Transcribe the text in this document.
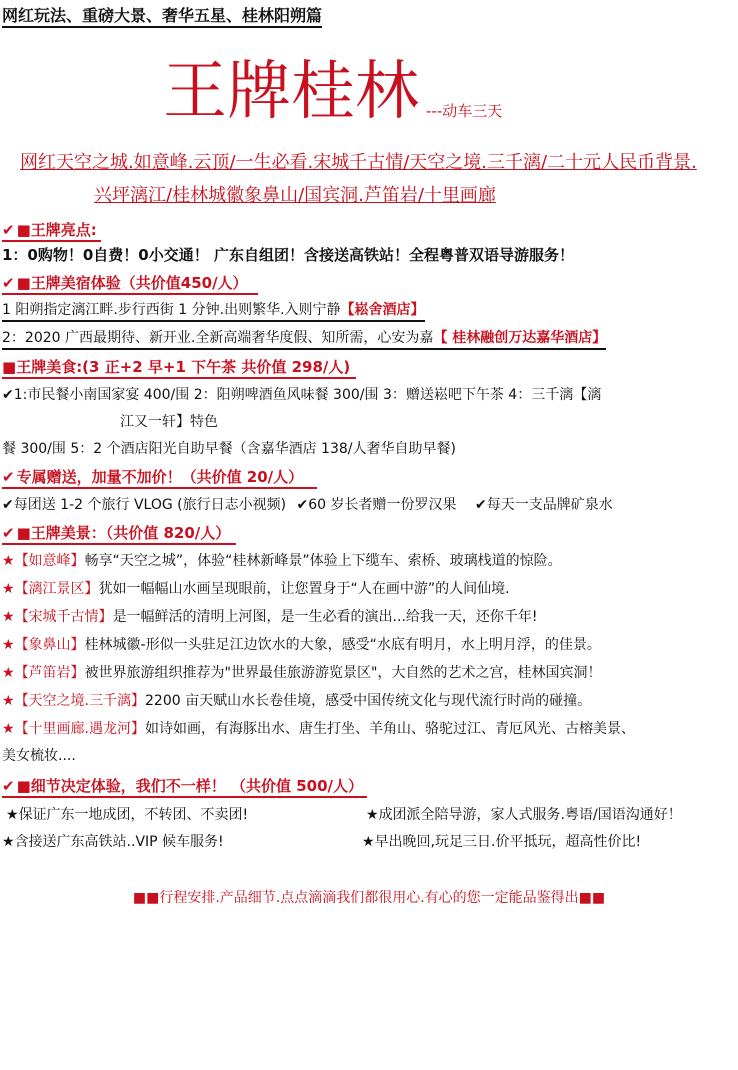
网红玩法、重磅大景、奢华五星、桂林阳朔篇
王牌桂林 ---动车三天
网红天空之城.如意峰.云顶/一生必看.宋城千古情/天空之境.三千漓/二十元人民币背景.
兴坪漓江/桂林城徽象鼻山/国宾洞.芦笛岩/十里画廊
✔ ■王牌亮点:
1：0购物！0自费！0小交通！ 广东自组团！含接送高铁站！全程粤普双语导游服务！
✔ ■王牌美宿体验（共价值450/人）
1 阳朔指定漓江畔.步行西街 1 分钟.出则繁华.入则宁静【崧舍酒店】
2：2020 广西最期待、新开业.全新高端奢华度假、知所需，心安为嘉【 桂林融创万达嘉华酒店】
■王牌美食:(3 正+2 早+1 下午茶 共价值 298/人)
✔1:市民餐小南国家宴 400/围 2：阳朔啤酒鱼风味餐 300/围 3：赠送崧吧下午茶 4：三千漓【漓
江又一轩】特色
餐 300/围 5：2 个酒店阳光自助早餐（含嘉华酒店 138/人奢华自助早餐)
✔ 专属赠送，加量不加价！（共价值 20/人）
✔每团送 1-2 个旅行 VLOG (旅行日志小视频) ✔60 岁长者赠一份罗汉果 ✔每天一支品牌矿泉水
✔ ■王牌美景：（共价值 820/人）
★【如意峰】畅享“天空之城”，体验“桂林新峰景”体验上下缆车、索桥、玻璃栈道的惊险。
★【漓江景区】犹如一幅幅山水画呈现眼前，让您置身于“人在画中游”的人间仙境.
★【宋城千古情】是一幅鲜活的清明上河图，是一生必看的演出...给我一天，还你千年!
★【象鼻山】桂林城徽-形似一头驻足江边饮水的大象，感受“水底有明月，水上明月浮，的佳景。
★【芦笛岩】被世界旅游组织推荐为"世界最佳旅游游览景区"，大自然的艺术之宫，桂林国宾洞！
★【天空之境.三千漓】2200 亩天赋山水长卷佳境，感受中国传统文化与现代流行时尚的碰撞。
★【十里画廊.遇龙河】如诗如画，有海豚出水、唐生打坐、羊角山、骆驼过江、青厄风光、古榕美景、
美女梳妆....
✔ ■细节决定体验，我们不一样！ （共价值 500/人）
★保证广东一地成团，不转团、不卖团!	★成团派全陪导游，家人式服务.粤语/国语沟通好！
★含接送广东高铁站..VIP 候车服务!	★早出晚回,玩足三日.价平抵玩，超高性价比!
■■行程安排.产品细节.点点滴滴我们都很用心.有心的您一定能品鉴得出■■
